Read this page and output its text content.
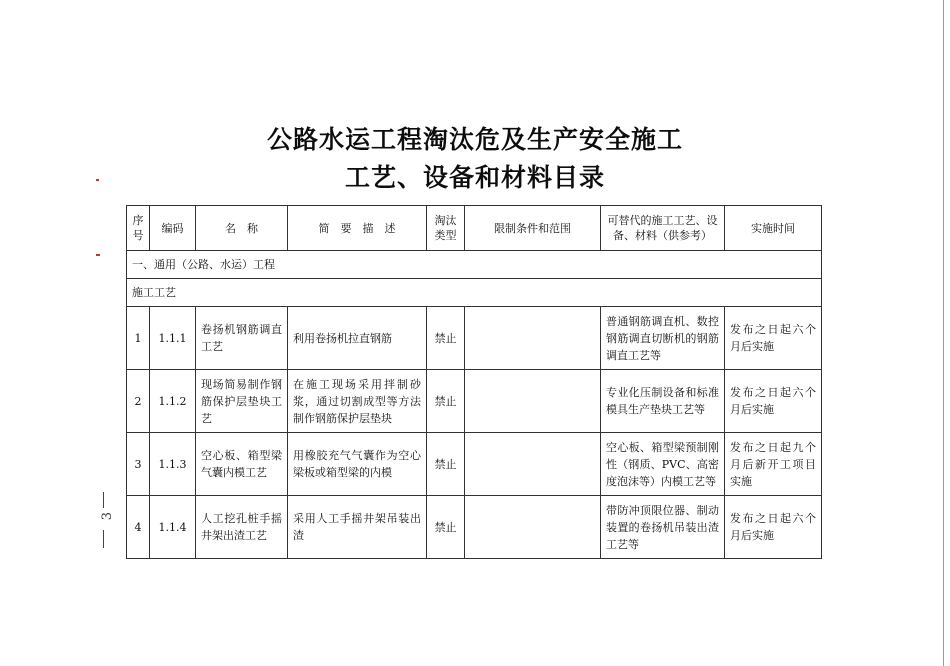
公路水运工程淘汰危及生产安全施工
工艺、设备和材料目录
序号	编码	名　称	简　要　描　述	淘汰类型	限制条件和范围	可替代的施工工艺、设备、材料（供参考）	实施时间
一、通用（公路、水运）工程							
施工工艺							
1	1.1.1	卷扬机钢筋调直工艺	利用卷扬机拉直钢筋	禁止		普通钢筋调直机、数控钢筋调直切断机的钢筋调直工艺等	发布之日起六个月后实施
2	1.1.2	现场简易制作钢筋保护层垫块工艺	在施工现场采用拌制砂浆，通过切割成型等方法制作钢筋保护层垫块	禁止		专业化压制设备和标准模具生产垫块工艺等	发布之日起六个月后实施
3	1.1.3	空心板、箱型梁气囊内模工艺	用橡胶充气气囊作为空心梁板或箱型梁的内模	禁止		空心板、箱型梁预制刚性（钢质、PVC、高密度泡沫等）内模工艺等	发布之日起九个月后新开工项目实施
4	1.1.4	人工挖孔桩手摇井架出渣工艺	采用人工手摇井架吊装出渣	禁止		带防冲顶限位器、制动装置的卷扬机吊装出渣工艺等	发布之日起六个月后实施
3
